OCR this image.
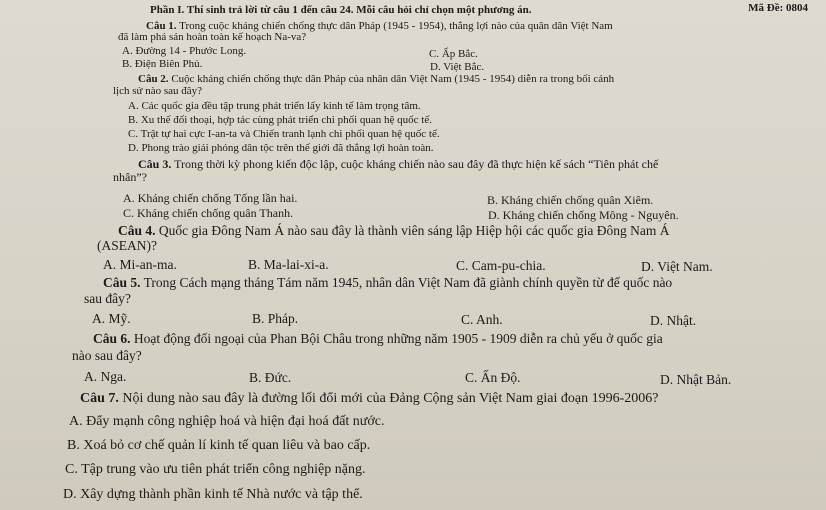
Mã Đề: 0804
Phần I. Thí sinh trả lời từ câu 1 đến câu 24. Mỗi câu hỏi chỉ chọn một phương án.
Câu 1. Trong cuộc kháng chiến chống thực dân Pháp (1945 - 1954), thắng lợi nào của quân dân Việt Nam
đã làm phá sản hoàn toàn kế hoạch Na-va?
A. Đường 14 - Phước Long.	C. Ấp Bắc.
B. Điện Biên Phủ.	D. Việt Bắc.
Câu 2. Cuộc kháng chiến chống thực dân Pháp của nhân dân Việt Nam (1945 - 1954) diễn ra trong bối cảnh
lịch sử nào sau đây?
A. Các quốc gia đều tập trung phát triển lấy kinh tế làm trọng tâm.
B. Xu thế đối thoại, hợp tác cùng phát triển chi phối quan hệ quốc tế.
C. Trật tự hai cực I-an-ta và Chiến tranh lạnh chi phối quan hệ quốc tế.
D. Phong trào giải phóng dân tộc trên thế giới đã thắng lợi hoàn toàn.
Câu 3. Trong thời kỳ phong kiến độc lập, cuộc kháng chiến nào sau đây đã thực hiện kế sách “Tiên phát chế
nhân”?
A. Kháng chiến chống Tống lần hai.	B. Kháng chiến chống quân Xiêm.
C. Kháng chiến chống quân Thanh.	D. Kháng chiến chống Mông - Nguyên.
Câu 4. Quốc gia Đông Nam Á nào sau đây là thành viên sáng lập Hiệp hội các quốc gia Đông Nam Á
(ASEAN)?
A. Mi-an-ma.	B. Ma-lai-xi-a.	C. Cam-pu-chia.	D. Việt Nam.
Câu 5. Trong Cách mạng tháng Tám năm 1945, nhân dân Việt Nam đã giành chính quyền từ đế quốc nào
sau đây?
A. Mỹ.	B. Pháp.	C. Anh.	D. Nhật.
Câu 6. Hoạt động đối ngoại của Phan Bội Châu trong những năm 1905 - 1909 diễn ra chủ yếu ở quốc gia
nào sau đây?
A. Nga.	B. Đức.	C. Ấn Độ.	D. Nhật Bản.
Câu 7. Nội dung nào sau đây là đường lối đổi mới của Đảng Cộng sản Việt Nam giai đoạn 1996-2006?
A. Đẩy mạnh công nghiệp hoá và hiện đại hoá đất nước.
B. Xoá bỏ cơ chế quản lí kinh tế quan liêu và bao cấp.
C. Tập trung vào ưu tiên phát triển công nghiệp nặng.
D. Xây dựng thành phần kinh tế Nhà nước và tập thể.
